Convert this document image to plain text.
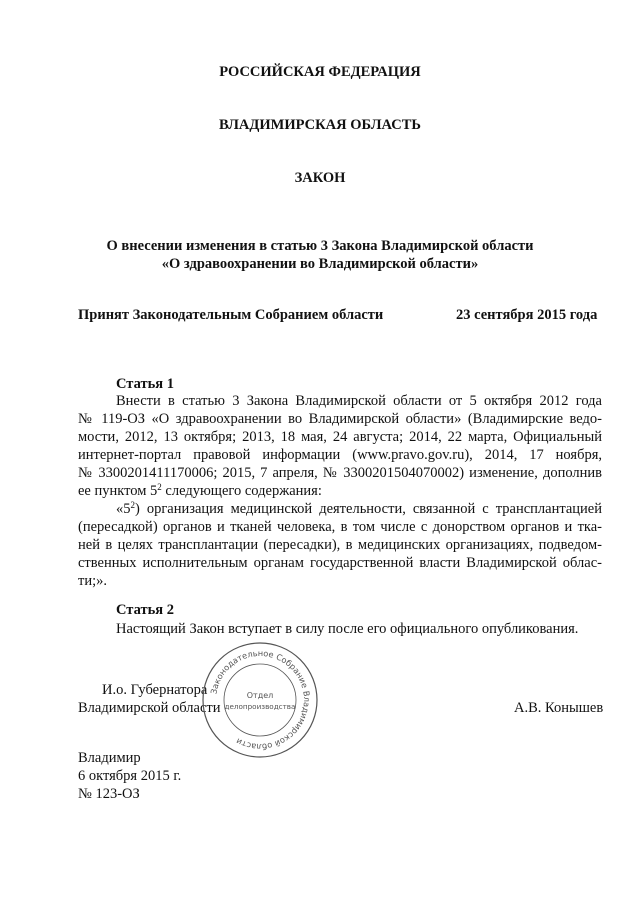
РОССИЙСКАЯ ФЕДЕРАЦИЯ
ВЛАДИМИРСКАЯ ОБЛАСТЬ
ЗАКОН
О внесении изменения в статью 3 Закона Владимирской области
«О здравоохранении во Владимирской области»
Принят Законодательным Собранием области	23 сентября 2015 года
Статья 1
Внести в статью 3 Закона Владимирской области от 5 октября 2012 года
№ 119-ОЗ «О здравоохранении во Владимирской области» (Владимирские ведо-
мости, 2012, 13 октября; 2013, 18 мая, 24 августа; 2014, 22 марта, Официальный
интернет-портал правовой информации (www.pravo.gov.ru), 2014, 17 ноября,
№ 3300201411170006; 2015, 7 апреля, № 3300201504070002) изменение, дополнив
ее пунктом $5^2$ следующего содержания:
«$5^2$) организация медицинской деятельности, связанной с трансплантацией
(пересадкой) органов и тканей человека, в том числе с донорством органов и тка-
ней в целях трансплантации (пересадки), в медицинских организациях, подведом-
ственных исполнительным органам государственной власти Владимирской облас-
ти;».
Статья 2
Настоящий Закон вступает в силу после его официального опубликования.
И.о. Губернатора
Владимирской области	А.В. Конышев
Законодательное Собрание Владимирской области
Отдел
делопроизводства
Владимир
6 октября 2015 г.
№ 123-ОЗ
